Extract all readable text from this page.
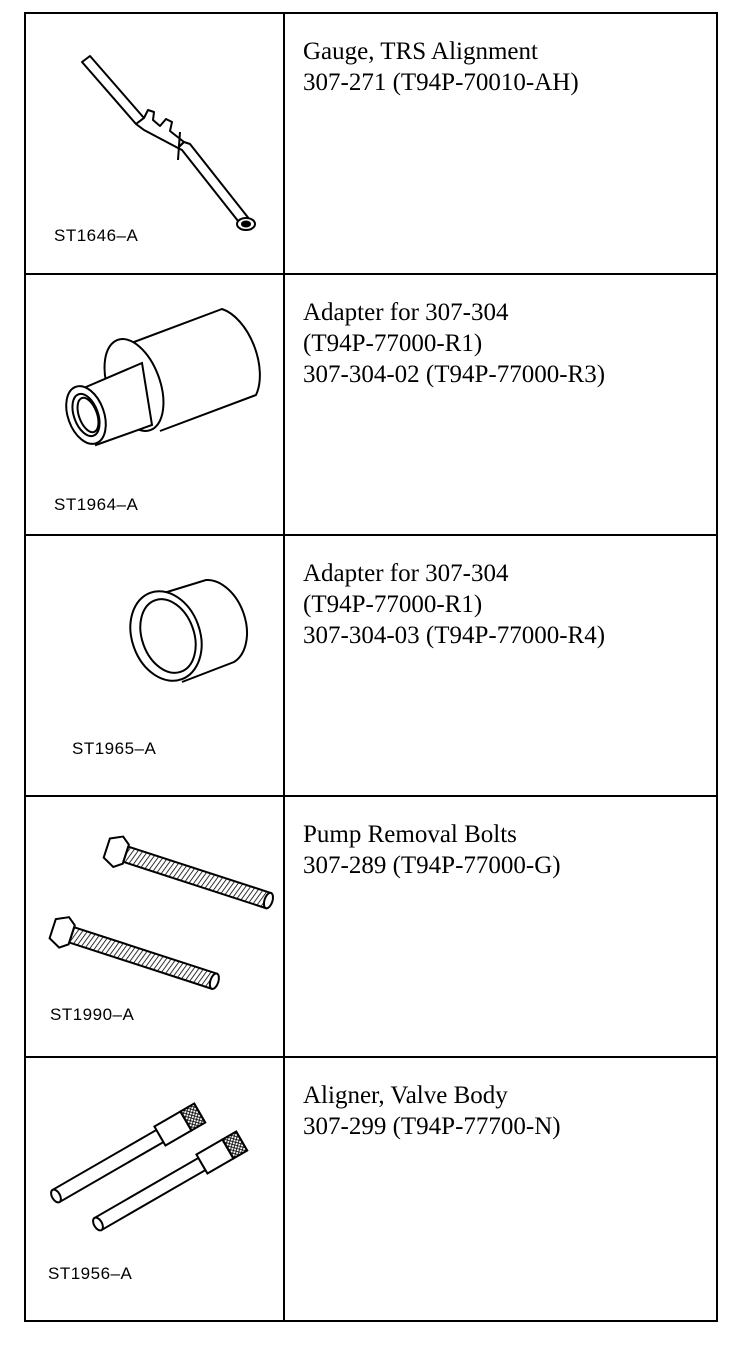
ST1646–A	Gauge, TRS Alignment
307-271 (T94P-70010-AH)

ST1964–A	Adapter for 307-304
(T94P-77000-R1)
307-304-02 (T94P-77000-R3)

ST1965–A	Adapter for 307-304
(T94P-77000-R1)
307-304-03 (T94P-77000-R4)

ST1990–A	Pump Removal Bolts
307-289 (T94P-77000-G)

ST1956–A	Aligner, Valve Body
307-299 (T94P-77700-N)
